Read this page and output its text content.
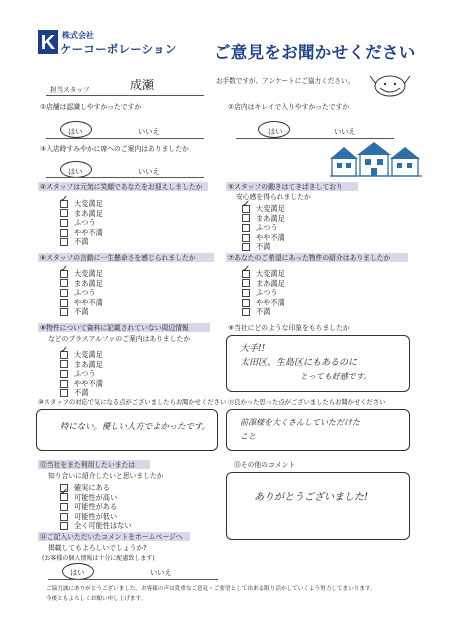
K 株式会社
ケーコーポレーション ご意見をお聞かせください
担当スタッフ	成瀬	お手数ですが、アンケートにご協力ください。
①店舗は認識しやすかったですか
はい	いいえ
②店内はキレイで入りやすかったですか
はい	いいえ
③入店時すみやかに席へのご案内はありましたか
はい	いいえ
④スタッフは元気に笑顔であなたをお迎えしましたか
✓
大変満足
まあ満足
ふつう
やや不満
不満
⑤スタッフの動きはてきぱきしており
安心感を得られましたか
✓
大変満足
まあ満足
ふつう
やや不満
不満
⑥スタッフの言動に一生懸命さを感じられましたか
✓
大変満足
まあ満足
ふつう
やや不満
不満
⑦あなたのご希望にあった物件の紹介はありましたか
✓
大変満足
まあ満足
ふつう
やや不満
不満
⑧物件について資料に記載されていない周辺情報
などのプラスアルファのご案内はありましたか
✓
大変満足
まあ満足
ふつう
やや不満
不満
⑨当社にどのような印象をもちましたか
大手!!
太田区、生島区にもあるのに
とっても好感です。
⑩スタッフの対応で気になる点がございましたらお聞かせください
特にない。優しい人方でよかったです。
⑪良かった思った点がございましたらお聞かせください
前澤様を大くさんしていただけた
こと
⑫当社をまた利用したいまたは
知り合いに紹介したいと思いましたか
確実にある
✓
可能性が高い
可能性がある
可能性が低い
全く可能性はない
⑬その他のコメント
ありがとうございました!
⑭ご記入いただいたコメントをホームページへ
掲載してもよろしいでしょうか?
(お客様の個人情報は十分に配慮致します)
はい	いいえ
ご協力誠にありがとうございました。お客様の声は貴重なご意見・ご要望として出来る限り活かしていくよう努力してまいります。
今後ともよろしくお願い申し上げます。
